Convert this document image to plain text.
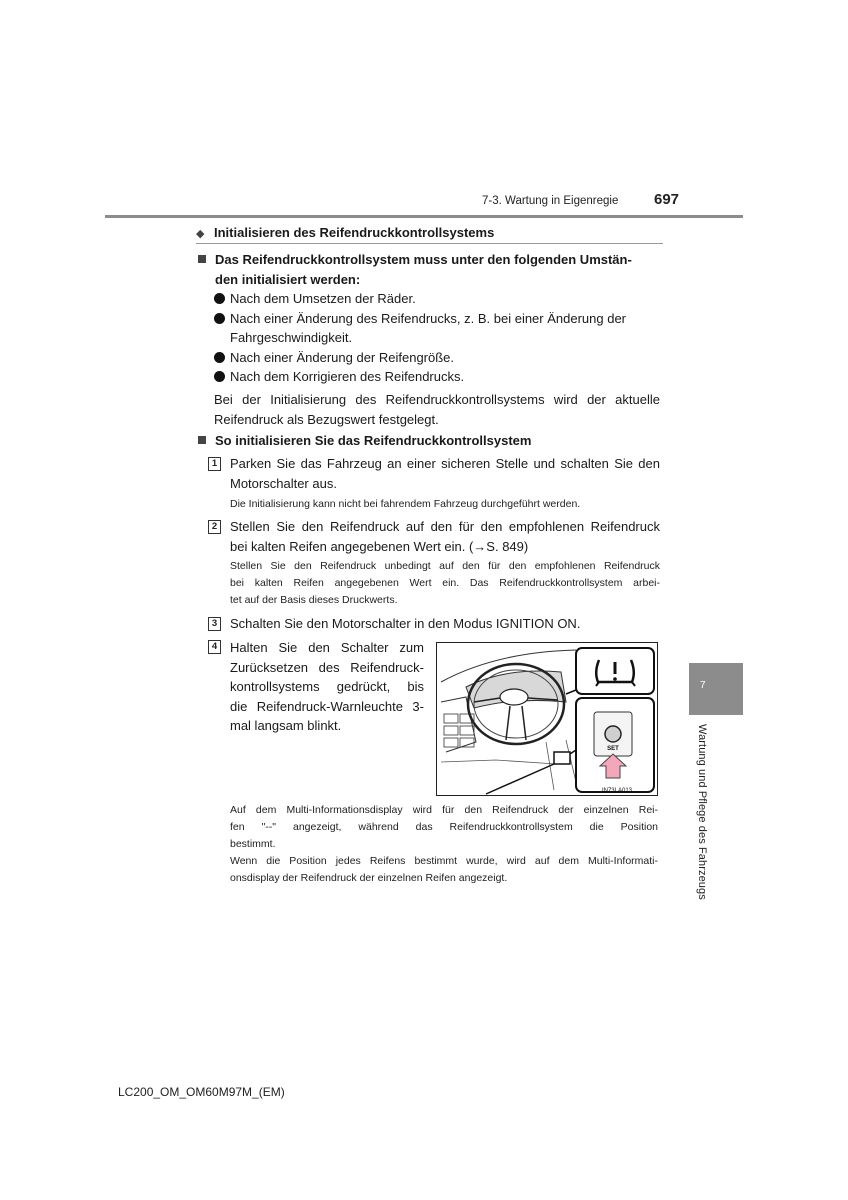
7-3. Wartung in Eigenregie 697
◆ Initialisieren des Reifendruckkontrollsystems
Das Reifendruckkontrollsystem muss unter den folgenden Umstän-
den initialisiert werden:
Nach dem Umsetzen der Räder.
Nach einer Änderung des Reifendrucks, z. B. bei einer Änderung der
Fahrgeschwindigkeit.
Nach einer Änderung der Reifengröße.
Nach dem Korrigieren des Reifendrucks.
Bei der Initialisierung des Reifendruckkontrollsystems wird der aktuelle
Reifendruck als Bezugswert festgelegt.
So initialisieren Sie das Reifendruckkontrollsystem
1 Parken Sie das Fahrzeug an einer sicheren Stelle und schalten Sie den
Motorschalter aus.
Die Initialisierung kann nicht bei fahrendem Fahrzeug durchgeführt werden.
2 Stellen Sie den Reifendruck auf den für den empfohlenen Reifendruck
bei kalten Reifen angegebenen Wert ein. (→S. 849)
Stellen Sie den Reifendruck unbedingt auf den für den empfohlenen Reifendruck
bei kalten Reifen angegebenen Wert ein. Das Reifendruckkontrollsystem arbei-
tet auf der Basis dieses Druckwerts.
3 Schalten Sie den Motorschalter in den Modus IGNITION ON.
4 Halten Sie den Schalter zum
Zurücksetzen des Reifendruck-
kontrollsystems gedrückt, bis
die Reifendruck-Warnleuchte 3-
mal langsam blinkt.
SET
IN73LA013
Auf dem Multi-Informationsdisplay wird für den Reifendruck der einzelnen Rei-
fen "--" angezeigt, während das Reifendruckkontrollsystem die Position
bestimmt.
Wenn die Position jedes Reifens bestimmt wurde, wird auf dem Multi-Informati-
onsdisplay der Reifendruck der einzelnen Reifen angezeigt.
7
Wartung und Pflege des Fahrzeugs
LC200_OM_OM60M97M_(EM)
